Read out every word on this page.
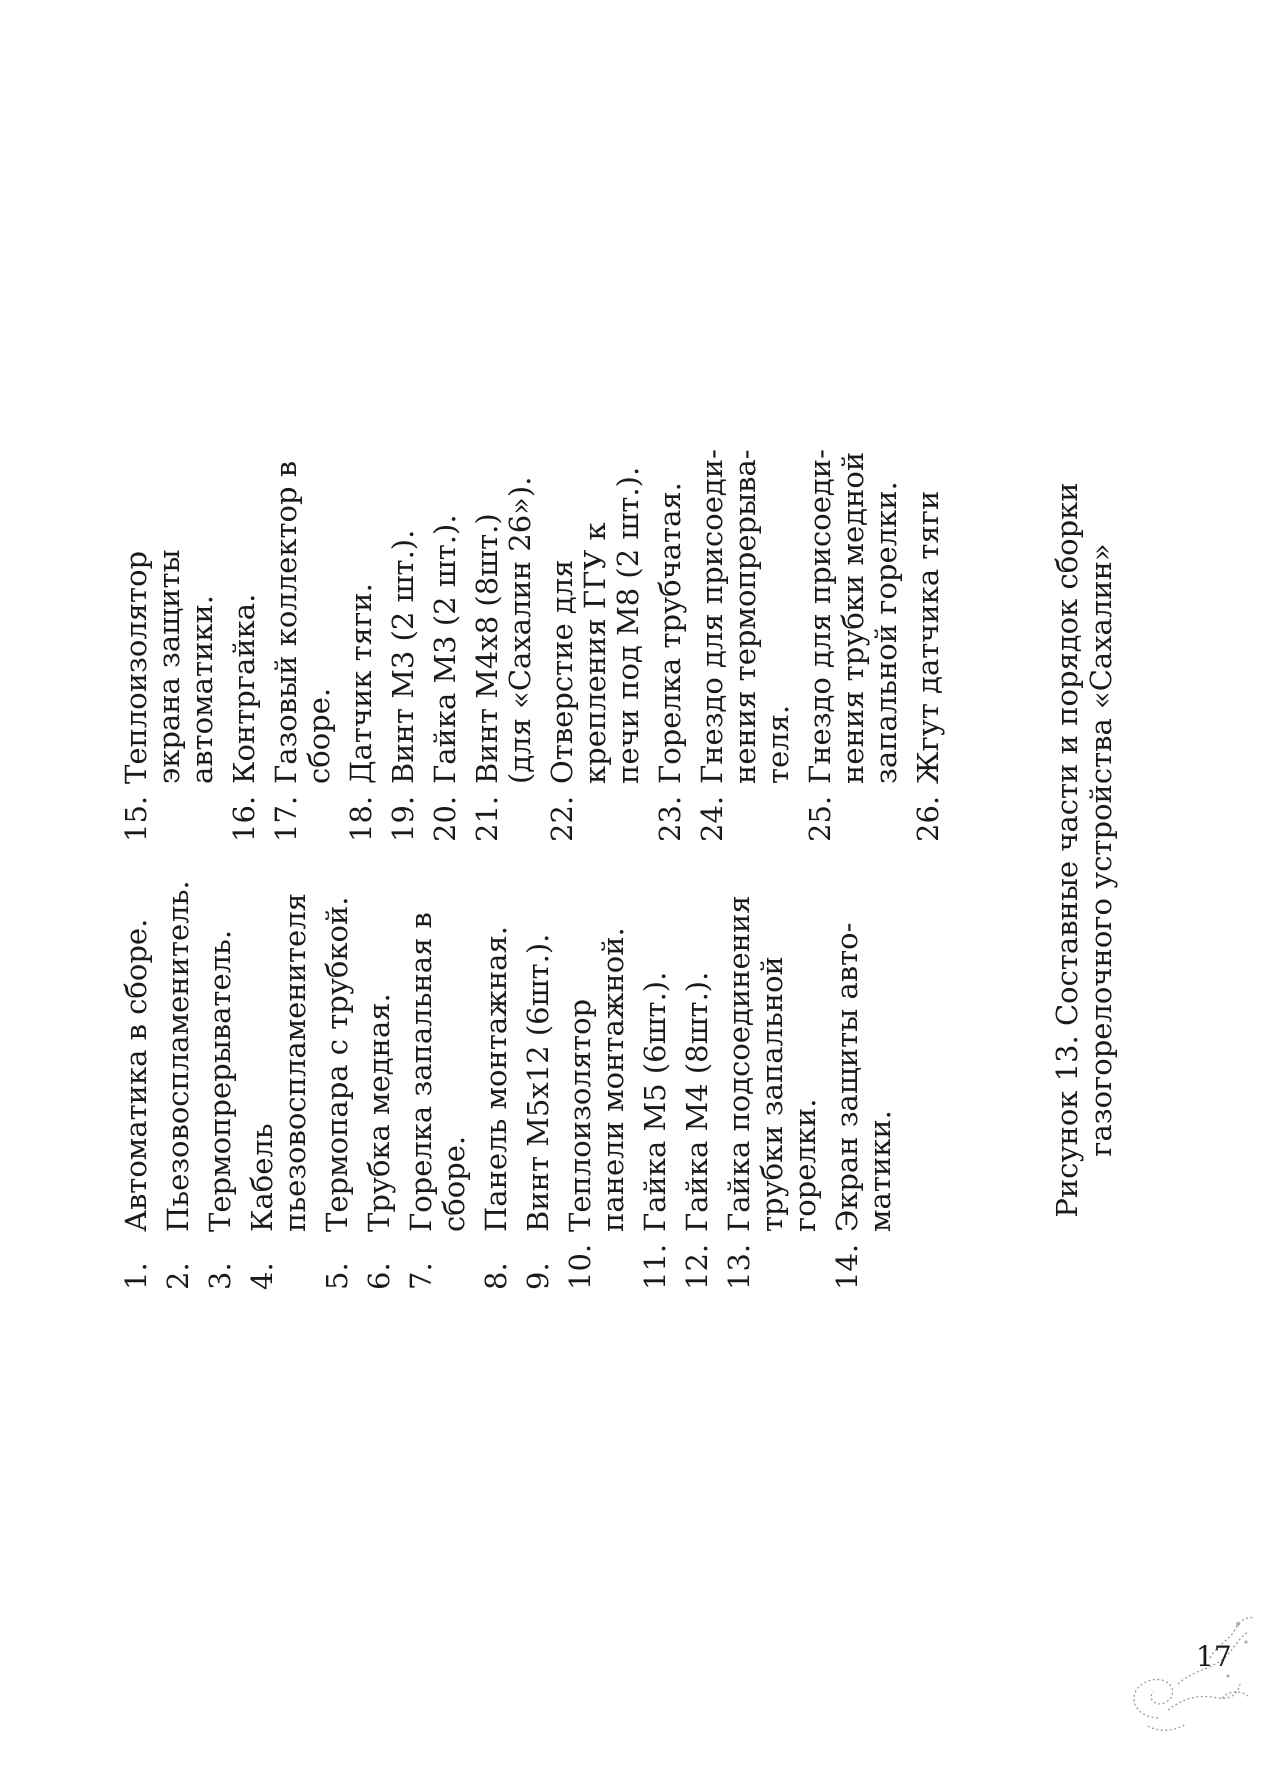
1.
Автоматика в сборе.
2.
Пьезовоспламенитель.
3.
Термопрерыватель.
4.
Кабель пьезовоспламенителя
5.
Термопара с трубкой.
6.
Трубка медная.
7.
Горелка запальная в сборе.
8.
Панель монтажная.
9.
Винт М5х12 (6шт.).
10.
Теплоизолятор панели монтажной.
11.
Гайка М5 (6шт.).
12.
Гайка М4 (8шт.).
13.
Гайка подсоединения трубки запальной горелки.
14.
Экран защиты автоматики.
15.
Теплоизолятор экрана защиты автоматики.
16.
Контргайка.
17.
Газовый коллектор в сборе.
18.
Датчик тяги.
19.
Винт М3 (2 шт.).
20.
Гайка М3 (2 шт.).
21.
Винт М4х8 (8шт.) (для «Сахалин 26»).
22.
Отверстие для крепления ГГУ к печи под М8 (2 шт.).
23.
Горелка трубчатая.
24.
Гнездо для присоединения термопрерывателя.
25.
Гнездо для присоединения трубки медной запальной горелки.
26.
Жгут датчика тяги	Рисунок 13. Составные части и порядок сборки газогорелочного устройства «Сахалин»
17
